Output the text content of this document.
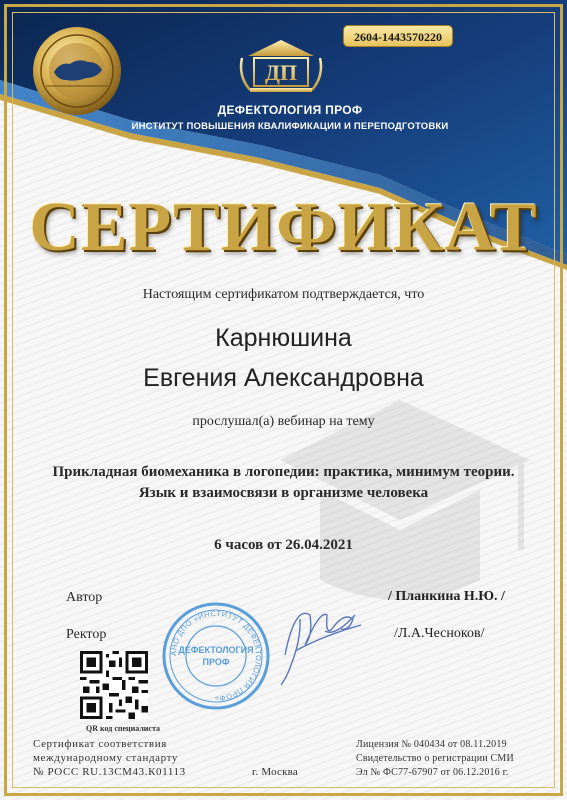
2604-1443570220
ДП
ДЕФЕКТОЛОГИЯ ПРОФ
ИНСТИТУТ ПОВЫШЕНИЯ КВАЛИФИКАЦИИ И ПЕРЕПОДГОТОВКИ
СЕРТИФИКАТ
Настоящим сертификатом подтверждается, что
Карнюшина
Евгения Александровна
прослушал(а) вебинар на тему
Прикладная биомеханика в логопедии: практика, минимум теории. Язык и взаимосвязи в организме человека
6 часов от 26.04.2021
Автор
Ректор
/ Планкина Н.Ю. /
/Л.А.Чесноков/
АНО ДПО «ИНСТИТУТ ДЕФЕКТОЛОГИЯ ПРОФ»
ДЕФЕКТОЛОГИЯ
ПРОФ
QR код специалиста
Сертификат соответствия
международному стандарту
№ РОСС RU.13СМ43.К01113	г. Москва
Лицензия № 040434 от 08.11.2019
Свидетельство о регистрации СМИ
Эл № ФС77-67907 от 06.12.2016 г.
